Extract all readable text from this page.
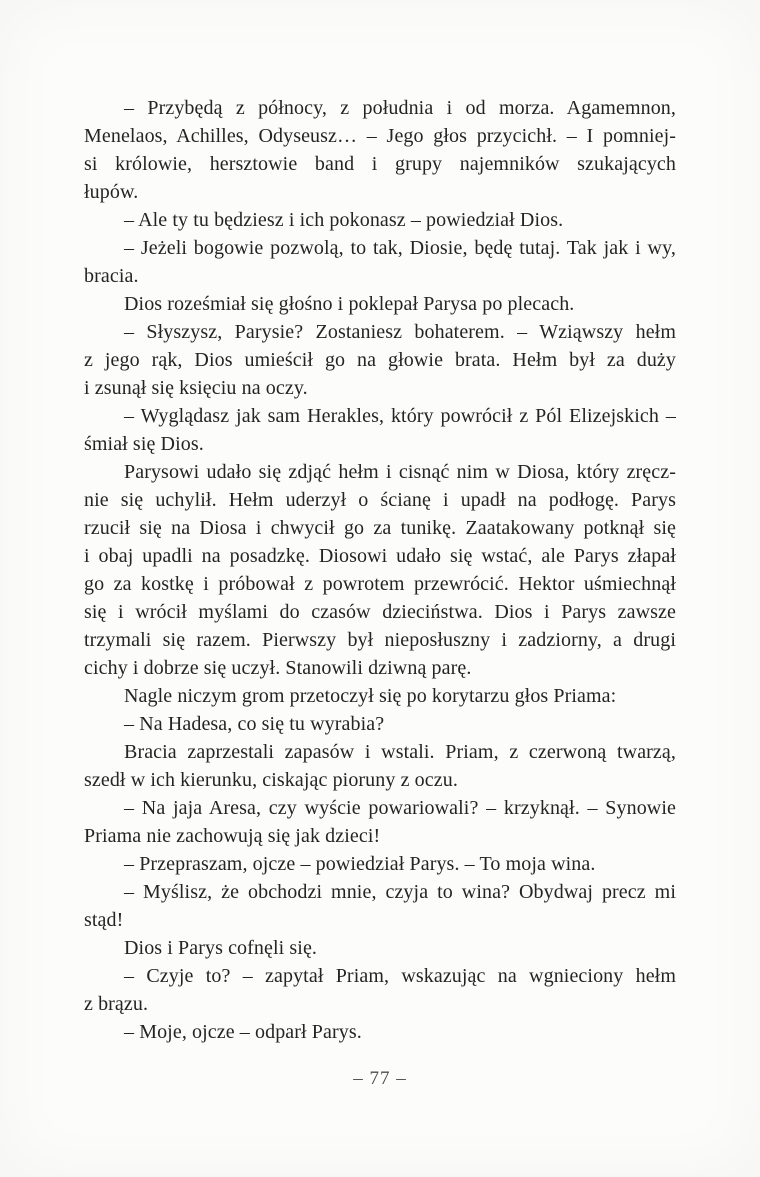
– Przybędą z północy, z południa i od morza. Agamemnon,
Menelaos, Achilles, Odyseusz… – Jego głos przycichł. – I pomniej-
si królowie, hersztowie band i grupy najemników szukających
łupów.
– Ale ty tu będziesz i ich pokonasz – powiedział Dios.
– Jeżeli bogowie pozwolą, to tak, Diosie, będę tutaj. Tak jak i wy,
bracia.
Dios roześmiał się głośno i poklepał Parysa po plecach.
– Słyszysz, Parysie? Zostaniesz bohaterem. – Wziąwszy hełm
z jego rąk, Dios umieścił go na głowie brata. Hełm był za duży
i zsunął się księciu na oczy.
– Wyglądasz jak sam Herakles, który powrócił z Pól Elizejskich –
śmiał się Dios.
Parysowi udało się zdjąć hełm i cisnąć nim w Diosa, który zręcz-
nie się uchylił. Hełm uderzył o ścianę i upadł na podłogę. Parys
rzucił się na Diosa i chwycił go za tunikę. Zaatakowany potknął się
i obaj upadli na posadzkę. Diosowi udało się wstać, ale Parys złapał
go za kostkę i próbował z powrotem przewrócić. Hektor uśmiechnął
się i wrócił myślami do czasów dzieciństwa. Dios i Parys zawsze
trzymali się razem. Pierwszy był nieposłuszny i zadziorny, a drugi
cichy i dobrze się uczył. Stanowili dziwną parę.
Nagle niczym grom przetoczył się po korytarzu głos Priama:
– Na Hadesa, co się tu wyrabia?
Bracia zaprzestali zapasów i wstali. Priam, z czerwoną twarzą,
szedł w ich kierunku, ciskając pioruny z oczu.
– Na jaja Aresa, czy wyście powariowali? – krzyknął. – Synowie
Priama nie zachowują się jak dzieci!
– Przepraszam, ojcze – powiedział Parys. – To moja wina.
– Myślisz, że obchodzi mnie, czyja to wina? Obydwaj precz mi
stąd!
Dios i Parys cofnęli się.
– Czyje to? – zapytał Priam, wskazując na wgnieciony hełm
z brązu.
– Moje, ojcze – odparł Parys.
– 77 –
